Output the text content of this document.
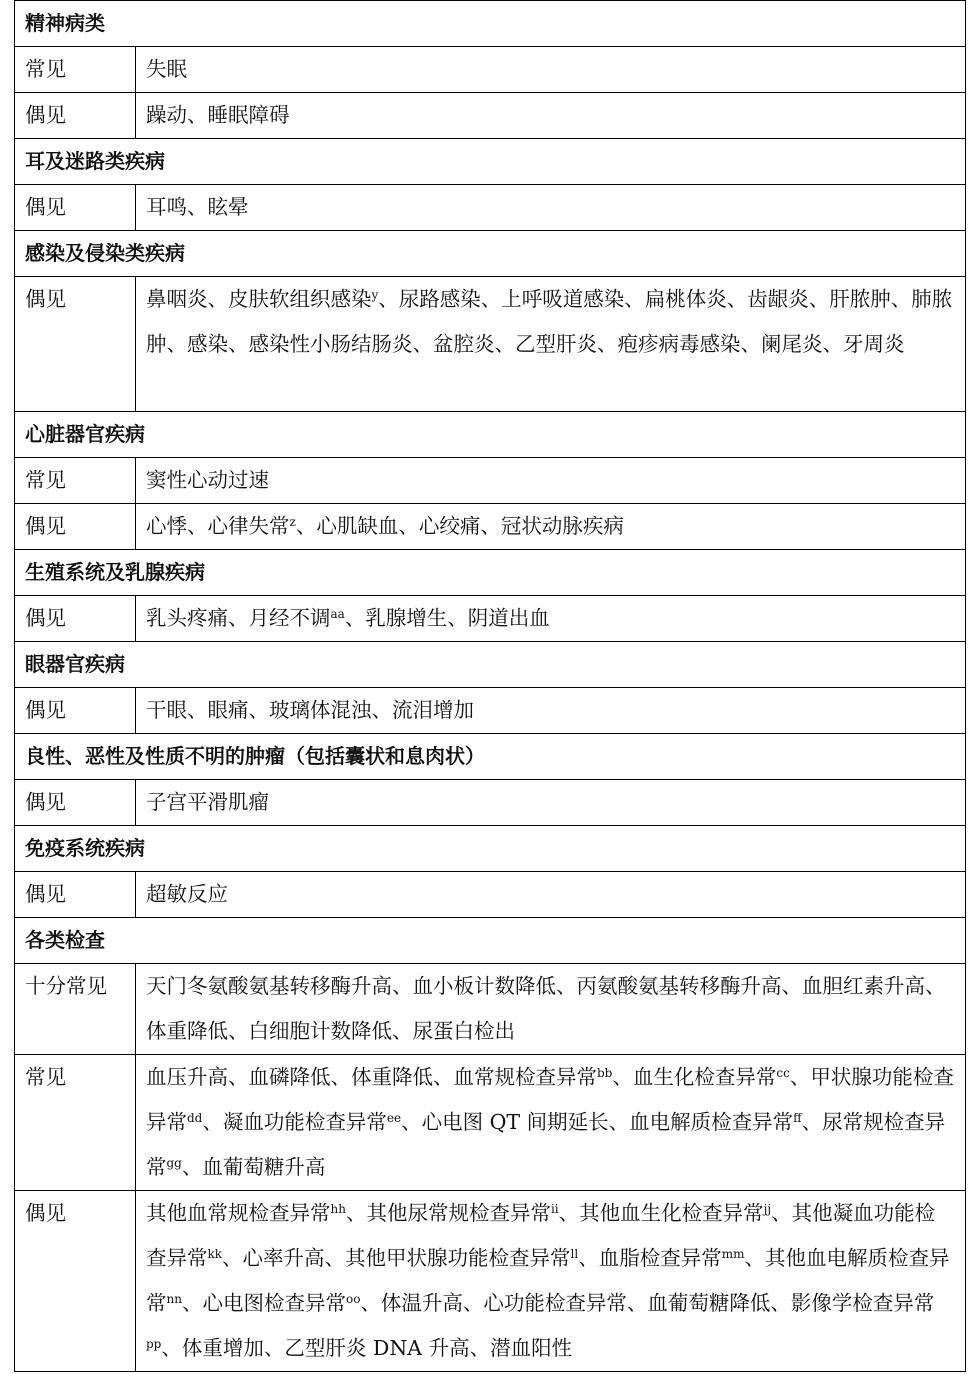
精神病类	
常见	失眠
偶见	躁动、睡眠障碍
耳及迷路类疾病	
偶见	耳鸣、眩晕
感染及侵染类疾病	
偶见	鼻咽炎、皮肤软组织感染$^y$、尿路感染、上呼吸道感染、扁桃体炎、齿龈炎、肝脓肿、肺脓肿、感染、感染性小肠结肠炎、盆腔炎、乙型肝炎、疱疹病毒感染、阑尾炎、牙周炎
心脏器官疾病	
常见	窦性心动过速
偶见	心悸、心律失常$^z$、心肌缺血、心绞痛、冠状动脉疾病
生殖系统及乳腺疾病	
偶见	乳头疼痛、月经不调$^{aa}$、乳腺增生、阴道出血
眼器官疾病	
偶见	干眼、眼痛、玻璃体混浊、流泪增加
良性、恶性及性质不明的肿瘤（包括囊状和息肉状）	
偶见	子宫平滑肌瘤
免疫系统疾病	
偶见	超敏反应
各类检查	
十分常见	天门冬氨酸氨基转移酶升高、血小板计数降低、丙氨酸氨基转移酶升高、血胆红素升高、体重降低、白细胞计数降低、尿蛋白检出
常见	血压升高、血磷降低、体重降低、血常规检查异常$^{bb}$、血生化检查异常$^{cc}$、甲状腺功能检查异常$^{dd}$、凝血功能检查异常$^{ee}$、心电图 QT 间期延长、血电解质检查异常$^{ff}$、尿常规检查异常$^{gg}$、血葡萄糖升高
偶见	其他血常规检查异常$^{hh}$、其他尿常规检查异常$^{ii}$、其他血生化检查异常$^{jj}$、其他凝血功能检查异常$^{kk}$、心率升高、其他甲状腺功能检查异常$^{ll}$、血脂检查异常$^{mm}$、其他血电解质检查异常$^{nn}$、心电图检查异常$^{oo}$、体温升高、心功能检查异常、血葡萄糖降低、影像学检查异常$^{pp}$、体重增加、乙型肝炎 DNA 升高、潜血阳性
